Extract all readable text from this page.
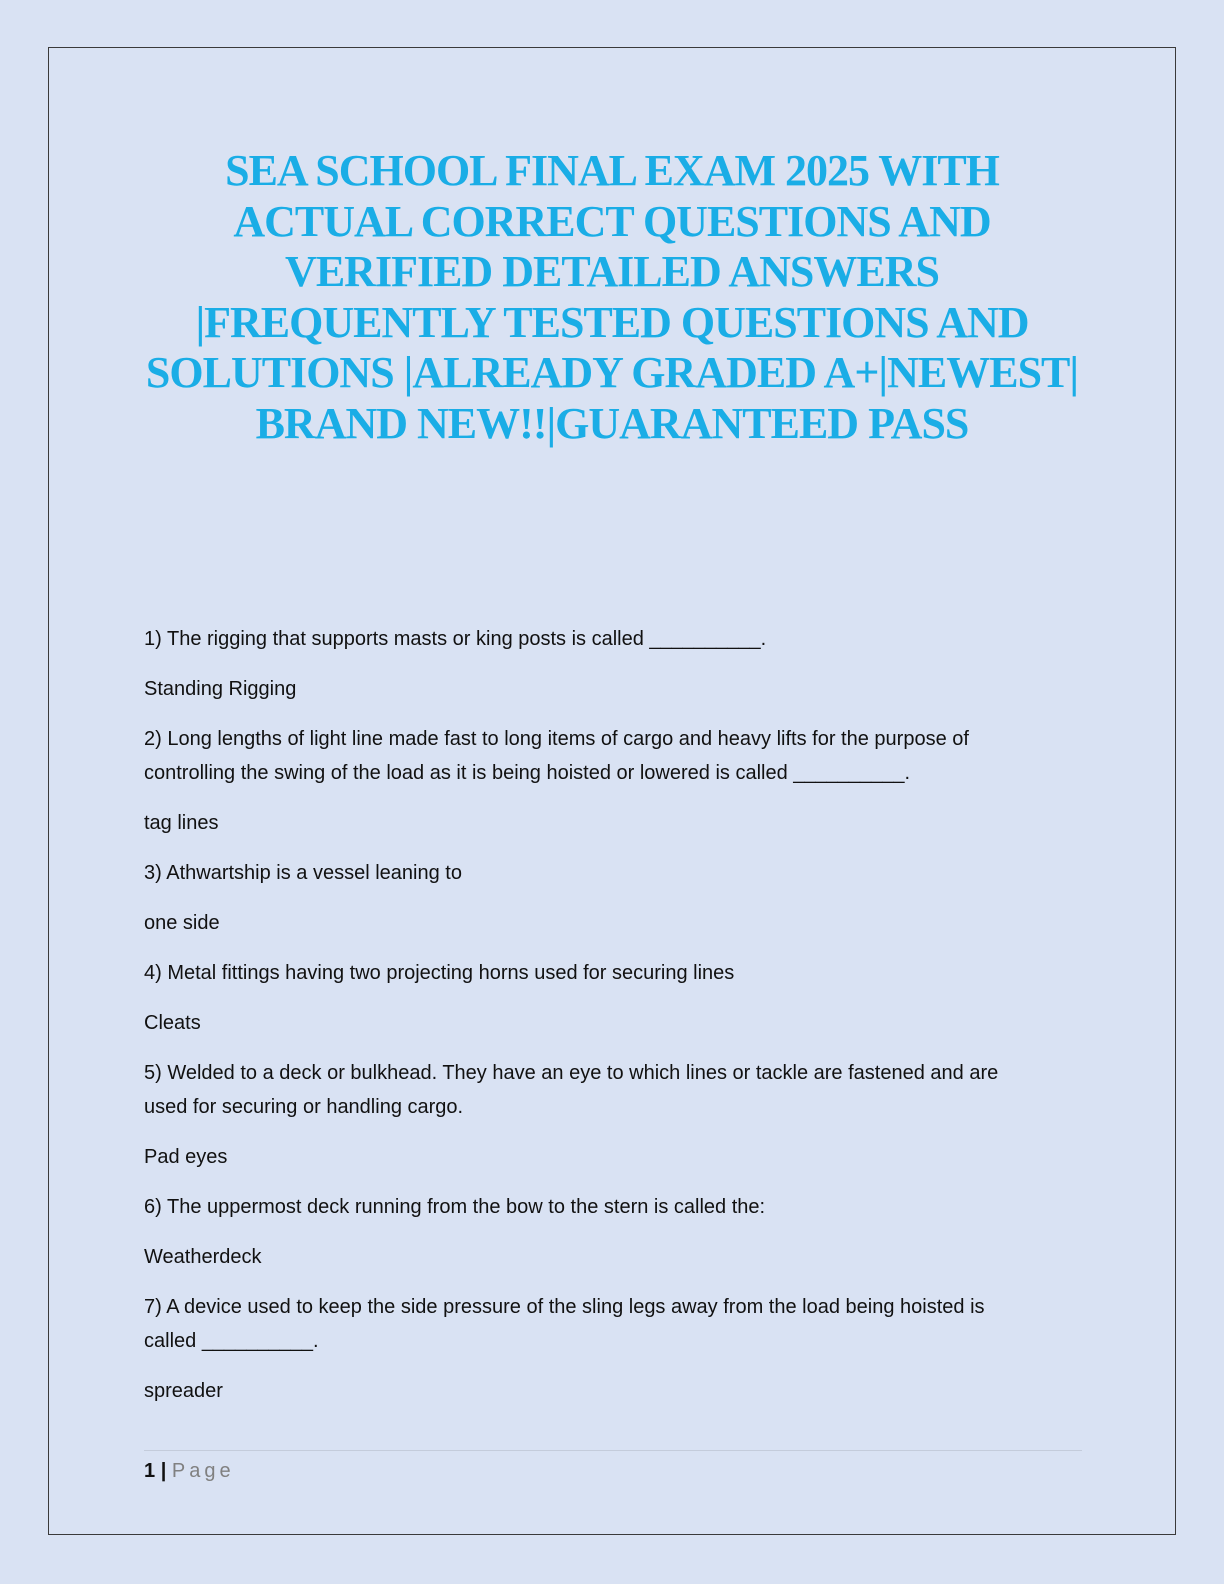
SEA SCHOOL FINAL EXAM 2025 WITH
ACTUAL CORRECT QUESTIONS AND
VERIFIED DETAILED ANSWERS
|FREQUENTLY TESTED QUESTIONS AND
SOLUTIONS |ALREADY GRADED A+|NEWEST|
BRAND NEW!!|GUARANTEED PASS

1) The rigging that supports masts or king posts is called __________.

Standing Rigging

2) Long lengths of light line made fast to long items of cargo and heavy lifts for the purpose of
controlling the swing of the load as it is being hoisted or lowered is called __________.

tag lines

3) Athwartship is a vessel leaning to

one side

4) Metal fittings having two projecting horns used for securing lines

Cleats

5) Welded to a deck or bulkhead. They have an eye to which lines or tackle are fastened and are
used for securing or handling cargo.

Pad eyes

6) The uppermost deck running from the bow to the stern is called the:

Weatherdeck

7) A device used to keep the side pressure of the sling legs away from the load being hoisted is
called __________.

spreader

1 | Page
